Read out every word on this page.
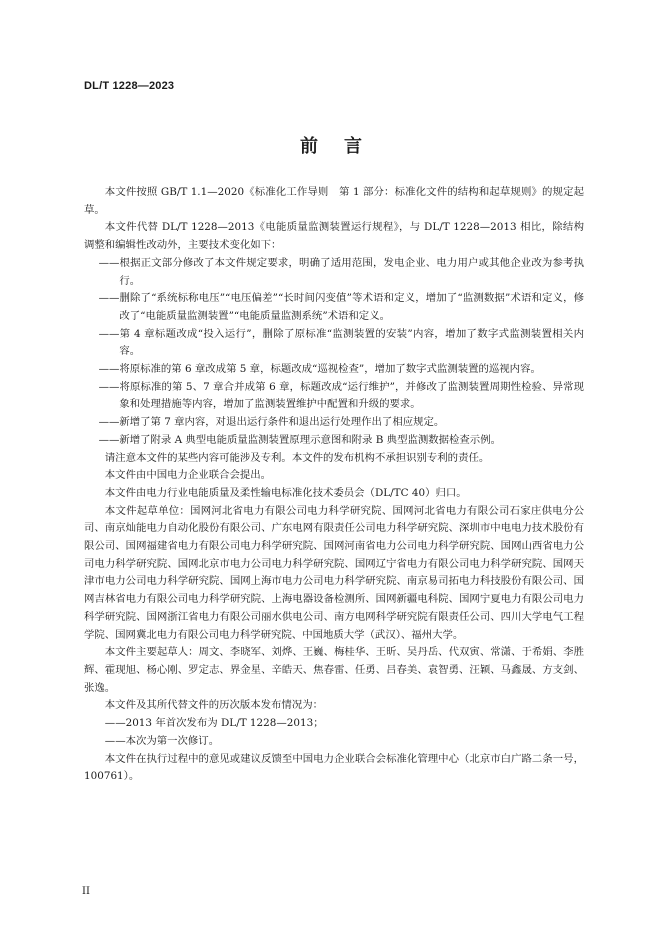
DL/T 1228—2023
前言

本文件按照 GB/T 1.1—2020《标准化工作导则　第 1 部分：标准化文件的结构和起草规则》的规定起草。

本文件代替 DL/T 1228—2013《电能质量监测装置运行规程》，与 DL/T 1228—2013 相比，除结构调整和编辑性改动外，主要技术变化如下：

——根据正文部分修改了本文件规定要求，明确了适用范围，发电企业、电力用户或其他企业改为参考执行。

——删除了“系统标称电压”“电压偏差”“长时间闪变值”等术语和定义，增加了“监测数据”术语和定义，修改了“电能质量监测装置”“电能质量监测系统”术语和定义。

——第 4 章标题改成“投入运行”，删除了原标准“监测装置的安装”内容，增加了数字式监测装置相关内容。

——将原标准的第 6 章改成第 5 章，标题改成“巡视检查”，增加了数字式监测装置的巡视内容。

——将原标准的第 5、7 章合并成第 6 章，标题改成“运行维护”，并修改了监测装置周期性检验、异常现象和处理措施等内容，增加了监测装置维护中配置和升级的要求。

——新增了第 7 章内容，对退出运行条件和退出运行处理作出了相应规定。

——新增了附录 A 典型电能质量监测装置原理示意图和附录 B 典型监测数据检查示例。

请注意本文件的某些内容可能涉及专利。本文件的发布机构不承担识别专利的责任。

本文件由中国电力企业联合会提出。

本文件由电力行业电能质量及柔性输电标准化技术委员会（DL/TC 40）归口。

本文件起草单位：国网河北省电力有限公司电力科学研究院、国网河北省电力有限公司石家庄供电分公司、南京灿能电力自动化股份有限公司、广东电网有限责任公司电力科学研究院、深圳市中电电力技术股份有限公司、国网福建省电力有限公司电力科学研究院、国网河南省电力公司电力科学研究院、国网山西省电力公司电力科学研究院、国网北京市电力公司电力科学研究院、国网辽宁省电力有限公司电力科学研究院、国网天津市电力公司电力科学研究院、国网上海市电力公司电力科学研究院、南京易司拓电力科技股份有限公司、国网吉林省电力有限公司电力科学研究院、上海电器设备检测所、国网新疆电科院、国网宁夏电力有限公司电力科学研究院、国网浙江省电力有限公司丽水供电公司、南方电网科学研究院有限责任公司、四川大学电气工程学院、国网冀北电力有限公司电力科学研究院、中国地质大学（武汉）、福州大学。

本文件主要起草人：周文、李晓军、刘烨、王巍、梅桂华、王昕、吴丹岳、代双寅、常潇、于希娟、李胜辉、霍现旭、杨心刚、罗定志、界金星、辛皓天、焦春雷、任勇、吕春美、袁智勇、汪颖、马鑫晟、方支剑、张逸。

本文件及其所代替文件的历次版本发布情况为：

——2013 年首次发布为 DL/T 1228—2013；

——本次为第一次修订。

本文件在执行过程中的意见或建议反馈至中国电力企业联合会标准化管理中心（北京市白广路二条一号，100761）。

II
